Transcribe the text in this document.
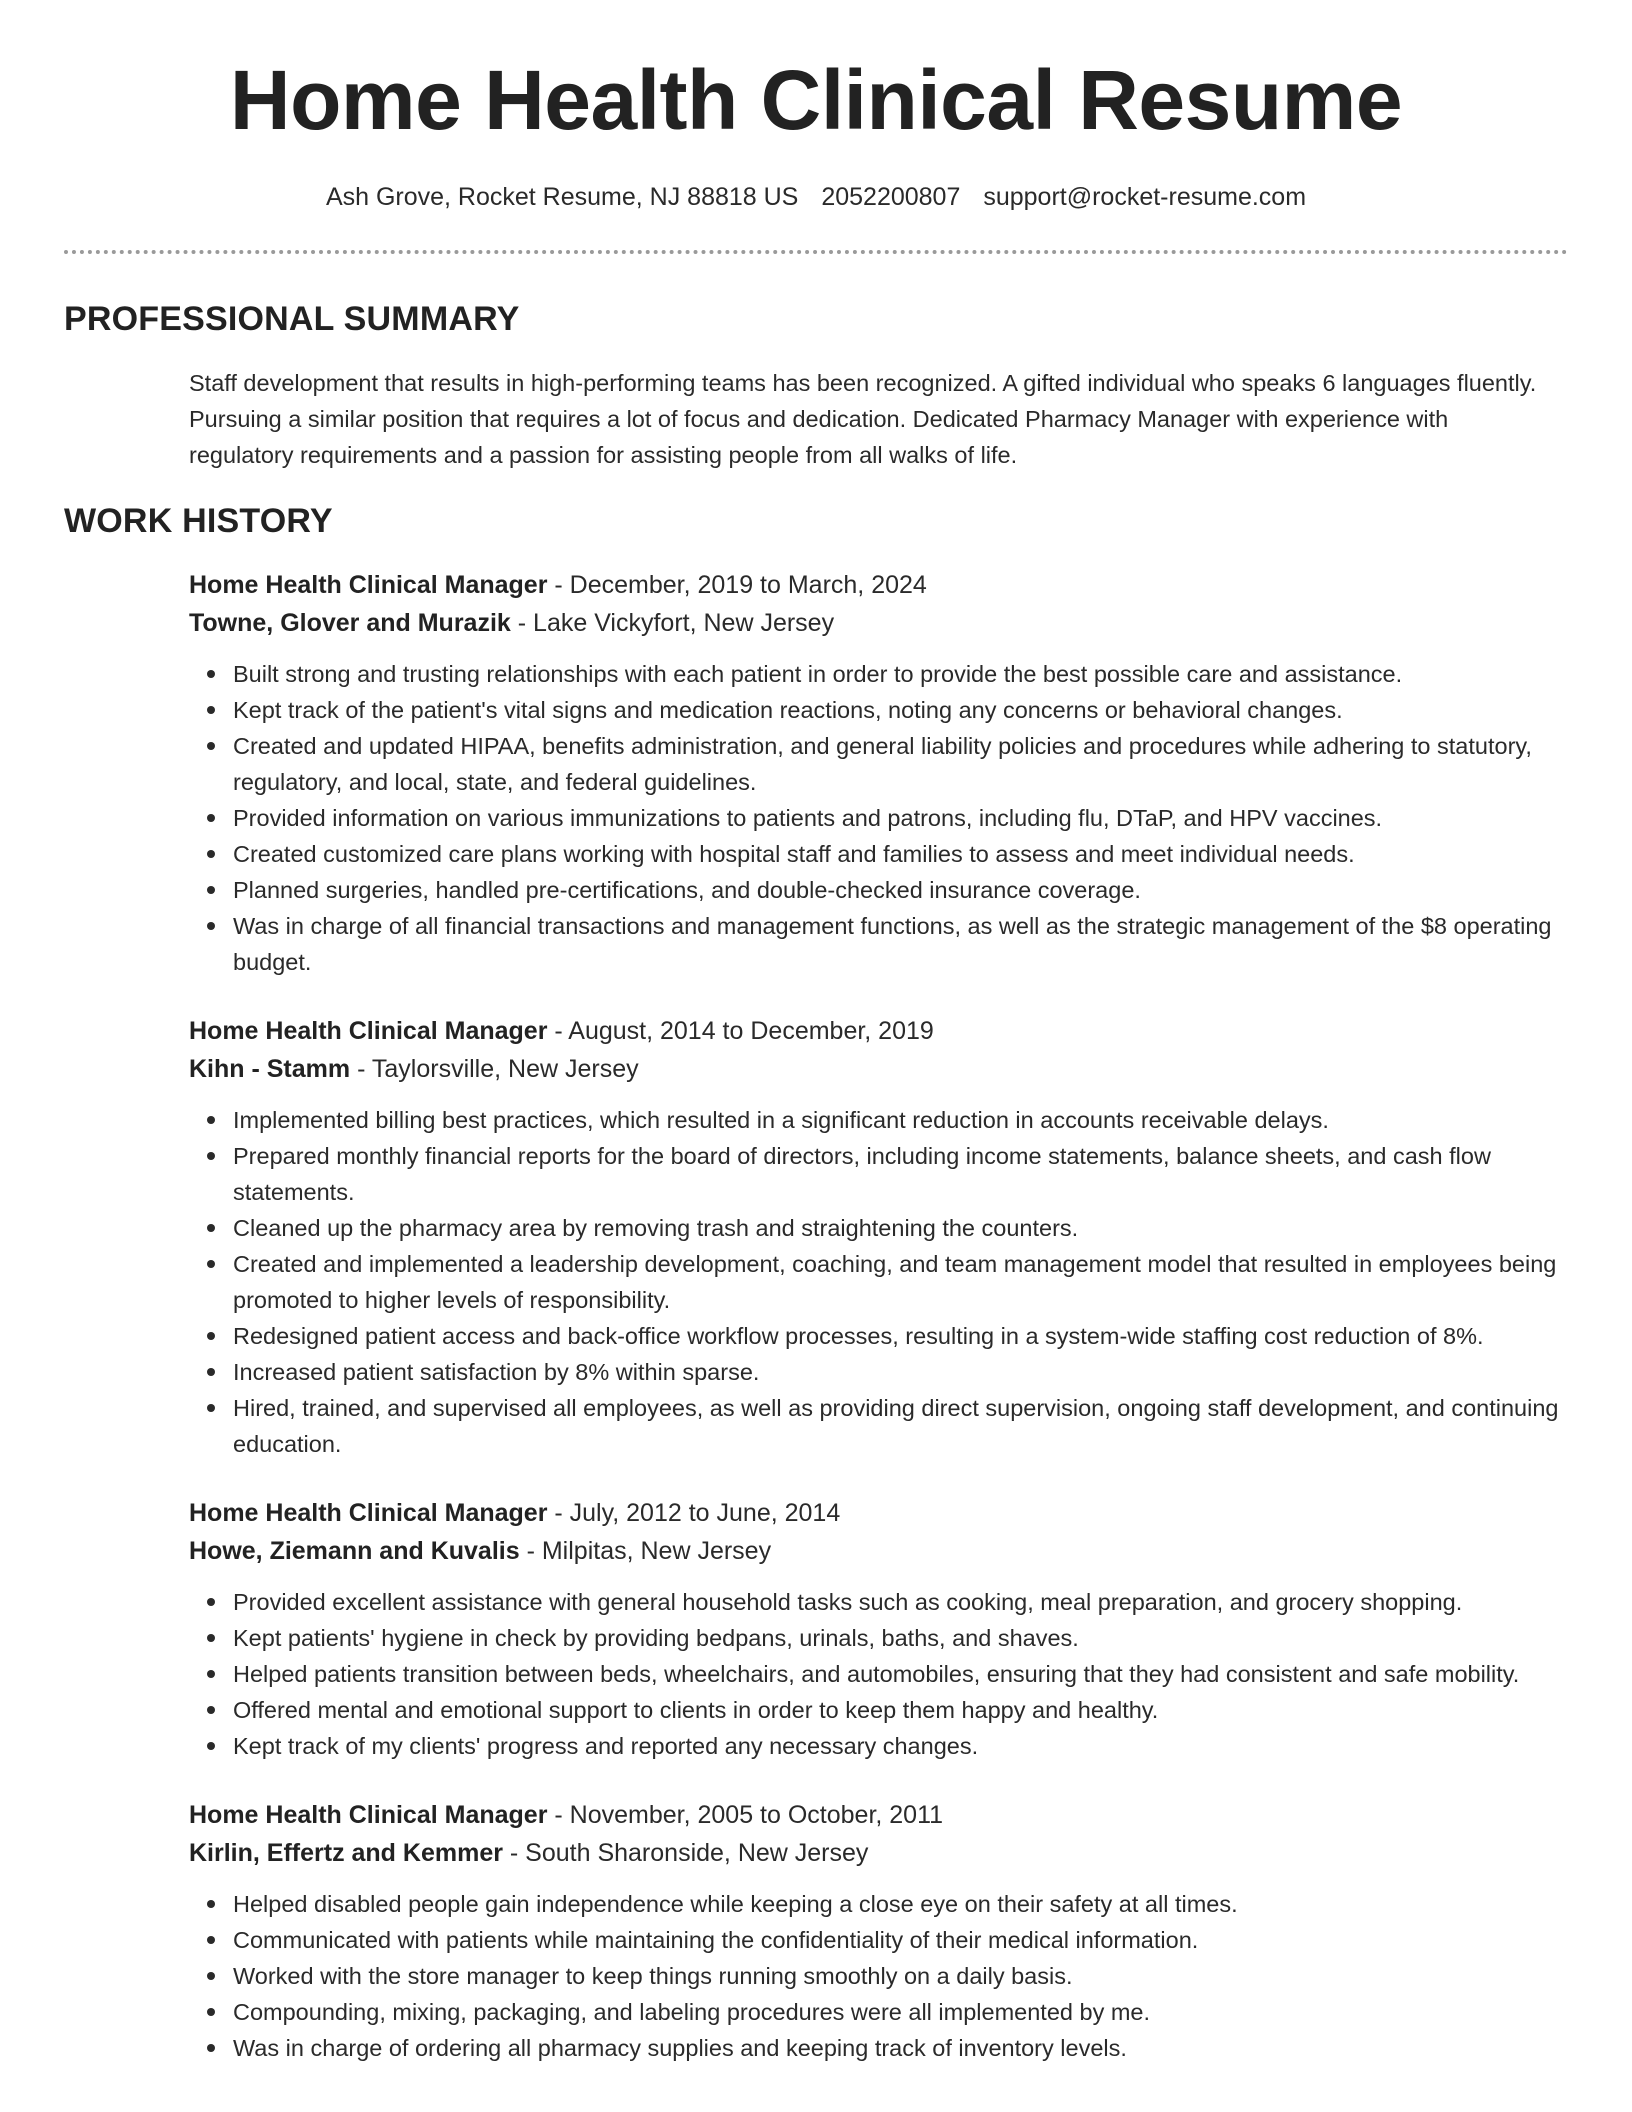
Home Health Clinical Resume
Ash Grove, Rocket Resume, NJ 88818 US 2052200807 support@rocket-resume.com
PROFESSIONAL SUMMARY

Staff development that results in high-performing teams has been recognized. A gifted individual who speaks 6 languages fluently. Pursuing a similar position that requires a lot of focus and dedication. Dedicated Pharmacy Manager with experience with regulatory requirements and a passion for assisting people from all walks of life.

WORK HISTORY
Home Health Clinical Manager - December, 2019 to March, 2024
Towne, Glover and Murazik - Lake Vickyfort, New Jersey
Built strong and trusting relationships with each patient in order to provide the best possible care and assistance.
Kept track of the patient's vital signs and medication reactions, noting any concerns or behavioral changes.
Created and updated HIPAA, benefits administration, and general liability policies and procedures while adhering to statutory, regulatory, and local, state, and federal guidelines.
Provided information on various immunizations to patients and patrons, including flu, DTaP, and HPV vaccines.
Created customized care plans working with hospital staff and families to assess and meet individual needs.
Planned surgeries, handled pre-certifications, and double-checked insurance coverage.
Was in charge of all financial transactions and management functions, as well as the strategic management of the $8 operating budget.
Home Health Clinical Manager - August, 2014 to December, 2019
Kihn - Stamm - Taylorsville, New Jersey
Implemented billing best practices, which resulted in a significant reduction in accounts receivable delays.
Prepared monthly financial reports for the board of directors, including income statements, balance sheets, and cash flow statements.
Cleaned up the pharmacy area by removing trash and straightening the counters.
Created and implemented a leadership development, coaching, and team management model that resulted in employees being promoted to higher levels of responsibility.
Redesigned patient access and back-office workflow processes, resulting in a system-wide staffing cost reduction of 8%.
Increased patient satisfaction by 8% within sparse.
Hired, trained, and supervised all employees, as well as providing direct supervision, ongoing staff development, and continuing education.
Home Health Clinical Manager - July, 2012 to June, 2014
Howe, Ziemann and Kuvalis - Milpitas, New Jersey
Provided excellent assistance with general household tasks such as cooking, meal preparation, and grocery shopping.
Kept patients' hygiene in check by providing bedpans, urinals, baths, and shaves.
Helped patients transition between beds, wheelchairs, and automobiles, ensuring that they had consistent and safe mobility.
Offered mental and emotional support to clients in order to keep them happy and healthy.
Kept track of my clients' progress and reported any necessary changes.
Home Health Clinical Manager - November, 2005 to October, 2011
Kirlin, Effertz and Kemmer - South Sharonside, New Jersey
Helped disabled people gain independence while keeping a close eye on their safety at all times.
Communicated with patients while maintaining the confidentiality of their medical information.
Worked with the store manager to keep things running smoothly on a daily basis.
Compounding, mixing, packaging, and labeling procedures were all implemented by me.
Was in charge of ordering all pharmacy supplies and keeping track of inventory levels.
